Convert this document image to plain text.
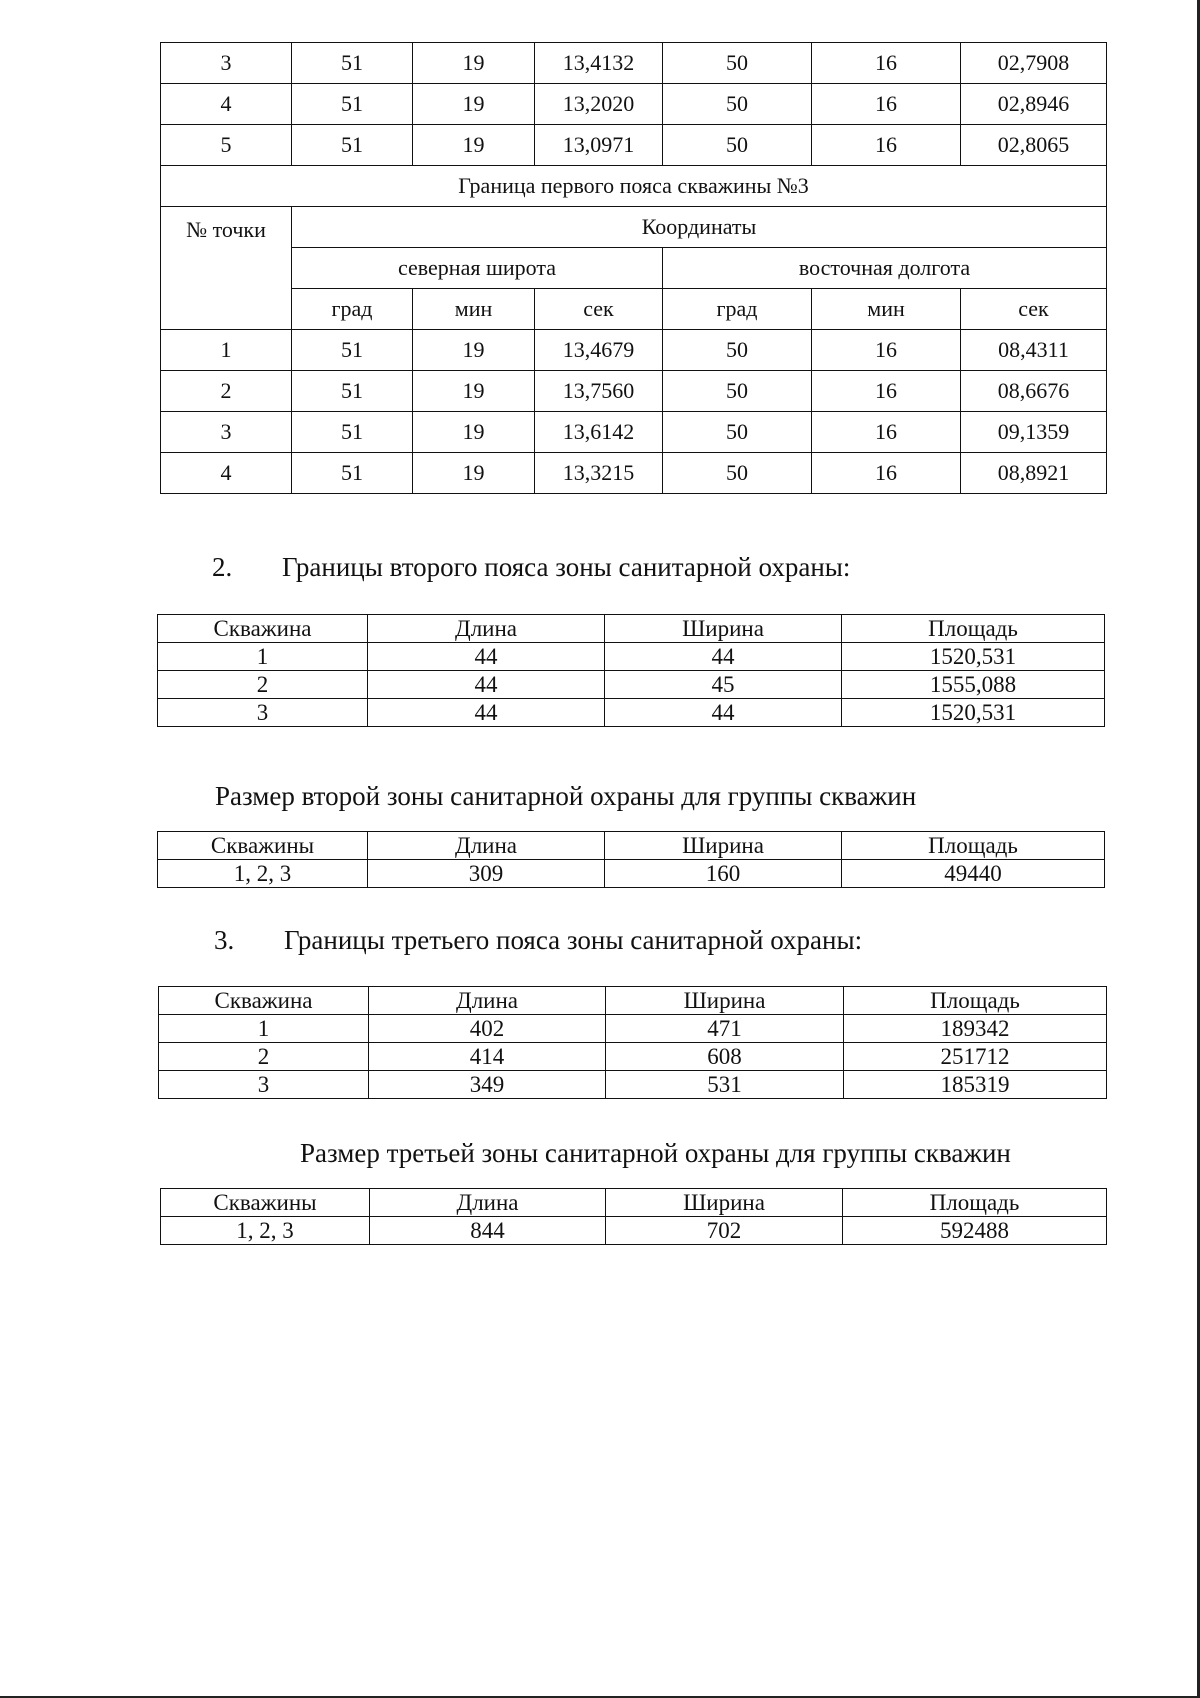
3	51	19	13,4132	50	16	02,7908
4	51	19	13,2020	50	16	02,8946
5	51	19	13,0971	50	16	02,8065
Граница первого пояса скважины №3						
№ точки	Координаты					
	северная широта			восточная долгота		
	град	мин	сек	град	мин	сек
1	51	19	13,4679	50	16	08,4311
2	51	19	13,7560	50	16	08,6676
3	51	19	13,6142	50	16	09,1359
4	51	19	13,3215	50	16	08,8921
2. Границы второго пояса зоны санитарной охраны:
Скважина	Длина	Ширина	Площадь
1	44	44	1520,531
2	44	45	1555,088
3	44	44	1520,531
Размер второй зоны санитарной охраны для группы скважин
Скважины	Длина	Ширина	Площадь
1, 2, 3	309	160	49440
3. Границы третьего пояса зоны санитарной охраны:
Скважина	Длина	Ширина	Площадь
1	402	471	189342
2	414	608	251712
3	349	531	185319
Размер третьей зоны санитарной охраны для группы скважин
Скважины	Длина	Ширина	Площадь
1, 2, 3	844	702	592488
